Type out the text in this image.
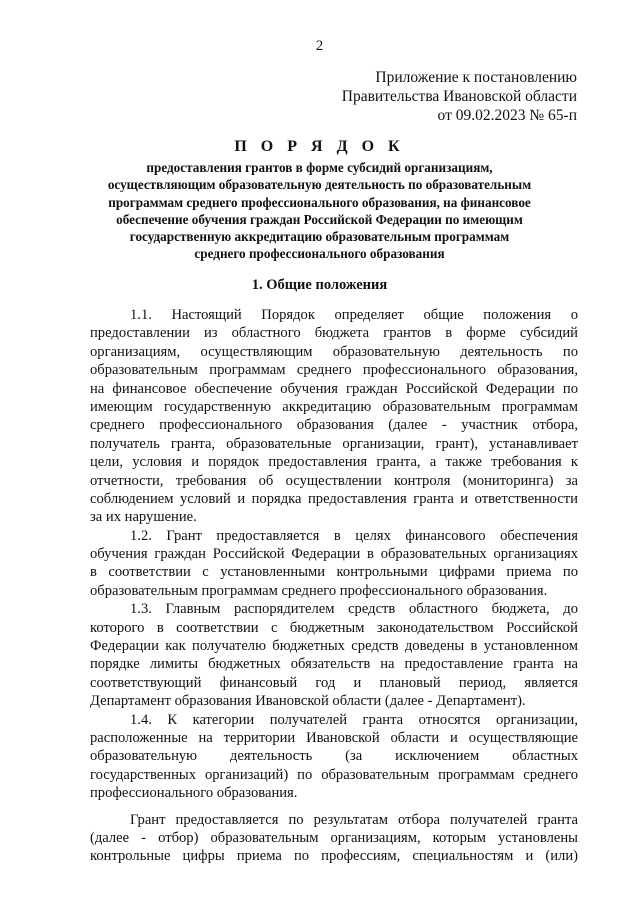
2
Приложение к постановлению
Правительства Ивановской области
от 09.02.2023 № 65-п
П О Р Я Д О К
предоставления грантов в форме субсидий организациям,
осуществляющим образовательную деятельность по образовательным
программам среднего профессионального образования, на финансовое
обеспечение обучения граждан Российской Федерации по имеющим
государственную аккредитацию образовательным программам
среднего профессионального образования
1. Общие положения
1.1. Настоящий Порядок определяет общие положения о
предоставлении из областного бюджета грантов в форме субсидий
организациям, осуществляющим образовательную деятельность по
образовательным программам среднего профессионального образования,
на финансовое обеспечение обучения граждан Российской Федерации по
имеющим государственную аккредитацию образовательным программам
среднего профессионального образования (далее - участник отбора,
получатель гранта, образовательные организации, грант), устанавливает
цели, условия и порядок предоставления гранта, а также требования к
отчетности, требования об осуществлении контроля (мониторинга) за
соблюдением условий и порядка предоставления гранта и ответственности
за их нарушение.
1.2. Грант предоставляется в целях финансового обеспечения
обучения граждан Российской Федерации в образовательных организациях
в соответствии с установленными контрольными цифрами приема по
образовательным программам среднего профессионального образования.
1.3. Главным распорядителем средств областного бюджета, до
которого в соответствии с бюджетным законодательством Российской
Федерации как получателю бюджетных средств доведены в установленном
порядке лимиты бюджетных обязательств на предоставление гранта на
соответствующий финансовый год и плановый период, является
Департамент образования Ивановской области (далее - Департамент).
1.4. К категории получателей гранта относятся организации,
расположенные на территории Ивановской области и осуществляющие
образовательную деятельность (за исключением областных
государственных организаций) по образовательным программам среднего
профессионального образования.
Грант предоставляется по результатам отбора получателей гранта
(далее - отбор) образовательным организациям, которым установлены
контрольные цифры приема по профессиям, специальностям и (или)
